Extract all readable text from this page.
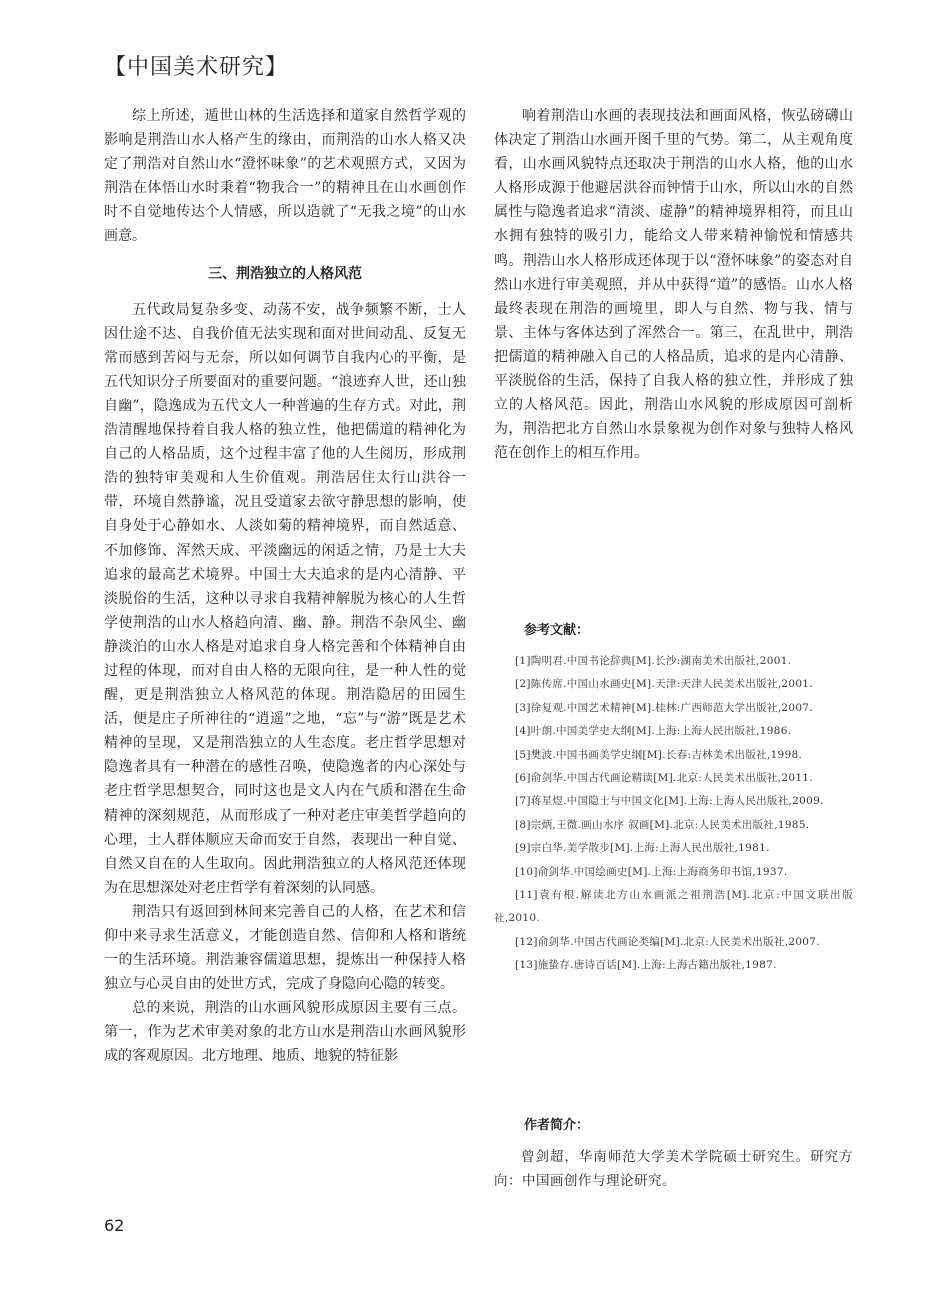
【中国美术研究】

综上所述，遁世山林的生活选择和道家自然哲学观的影响是荆浩山水人格产生的缘由，而荆浩的山水人格又决定了荆浩对自然山水“澄怀味象”的艺术观照方式，又因为荆浩在体悟山水时秉着“物我合一”的精神且在山水画创作时不自觉地传达个人情感，所以造就了“无我之境”的山水画意。

三、荆浩独立的人格风范

五代政局复杂多变、动荡不安，战争频繁不断，士人因仕途不达、自我价值无法实现和面对世间动乱、反复无常而感到苦闷与无奈，所以如何调节自我内心的平衡，是五代知识分子所要面对的重要问题。“浪迹弃人世，还山独自幽”，隐逸成为五代文人一种普遍的生存方式。对此，荆浩清醒地保持着自我人格的独立性，他把儒道的精神化为自己的人格品质，这个过程丰富了他的人生阅历，形成荆浩的独特审美观和人生价值观。荆浩居住太行山洪谷一带，环境自然静谧，况且受道家去欲守静思想的影响，使自身处于心静如水、人淡如菊的精神境界，而自然适意、不加修饰、浑然天成、平淡幽远的闲适之情，乃是士大夫追求的最高艺术境界。中国士大夫追求的是内心清静、平淡脱俗的生活，这种以寻求自我精神解脱为核心的人生哲学使荆浩的山水人格趋向清、幽、静。荆浩不杂风尘、幽静淡泊的山水人格是对追求自身人格完善和个体精神自由过程的体现，而对自由人格的无限向往，是一种人性的觉醒，更是荆浩独立人格风范的体现。荆浩隐居的田园生活，便是庄子所神往的“逍遥”之地，“忘”与“游”既是艺术精神的呈现，又是荆浩独立的人生态度。老庄哲学思想对隐逸者具有一种潜在的感性召唤，使隐逸者的内心深处与老庄哲学思想契合，同时这也是文人内在气质和潜在生命精神的深刻规范，从而形成了一种对老庄审美哲学趋向的心理，士人群体顺应天命而安于自然，表现出一种自觉、自然又自在的人生取向。因此荆浩独立的人格风范还体现为在思想深处对老庄哲学有着深刻的认同感。

荆浩只有返回到林间来完善自己的人格，在艺术和信仰中来寻求生活意义，才能创造自然、信仰和人格和谐统一的生活环境。荆浩兼容儒道思想，提炼出一种保持人格独立与心灵自由的处世方式，完成了身隐向心隐的转变。

总的来说，荆浩的山水画风貌形成原因主要有三点。第一，作为艺术审美对象的北方山水是荆浩山水画风貌形成的客观原因。北方地理、地质、地貌的特征影

响着荆浩山水画的表现技法和画面风格，恢弘磅礴山体决定了荆浩山水画开图千里的气势。第二，从主观角度看，山水画风貌特点还取决于荆浩的山水人格，他的山水人格形成源于他避居洪谷而钟情于山水，所以山水的自然属性与隐逸者追求“清淡、虚静”的精神境界相符，而且山水拥有独特的吸引力，能给文人带来精神愉悦和情感共鸣。荆浩山水人格形成还体现于以“澄怀味象”的姿态对自然山水进行审美观照，并从中获得“道”的感悟。山水人格最终表现在荆浩的画境里，即人与自然、物与我、情与景、主体与客体达到了浑然合一。第三，在乱世中，荆浩把儒道的精神融入自己的人格品质，追求的是内心清静、平淡脱俗的生活，保持了自我人格的独立性，并形成了独立的人格风范。因此，荆浩山水风貌的形成原因可剖析为，荆浩把北方自然山水景象视为创作对象与独特人格风范在创作上的相互作用。

参考文献：

[1]陶明君.中国书论辞典[M].长沙:湖南美术出版社,2001.

[2]陈传席.中国山水画史[M].天津:天津人民美术出版社,2001.

[3]徐复观.中国艺术精神[M].桂林:广西师范大学出版社,2007.

[4]叶朗.中国美学史大纲[M].上海:上海人民出版社,1986.

[5]樊波.中国书画美学史纲[M].长春:吉林美术出版社,1998.

[6]俞剑华.中国古代画论精读[M].北京:人民美术出版社,2011.

[7]蒋星煜.中国隐士与中国文化[M].上海:上海人民出版社,2009.

[8]宗炳,王微.画山水序 叙画[M].北京:人民美术出版社,1985.

[9]宗白华.美学散步[M].上海:上海人民出版社,1981.

[10]俞剑华.中国绘画史[M].上海:上海商务印书馆,1937.

[11]袁有根.解读北方山水画派之祖荆浩[M].北京:中国文联出版社,2010.

[12]俞剑华.中国古代画论类编[M].北京:人民美术出版社,2007.

[13]施蛰存.唐诗百话[M].上海:上海古籍出版社,1987.

作者简介：

曾剑超，华南师范大学美术学院硕士研究生。研究方向：中国画创作与理论研究。

62
